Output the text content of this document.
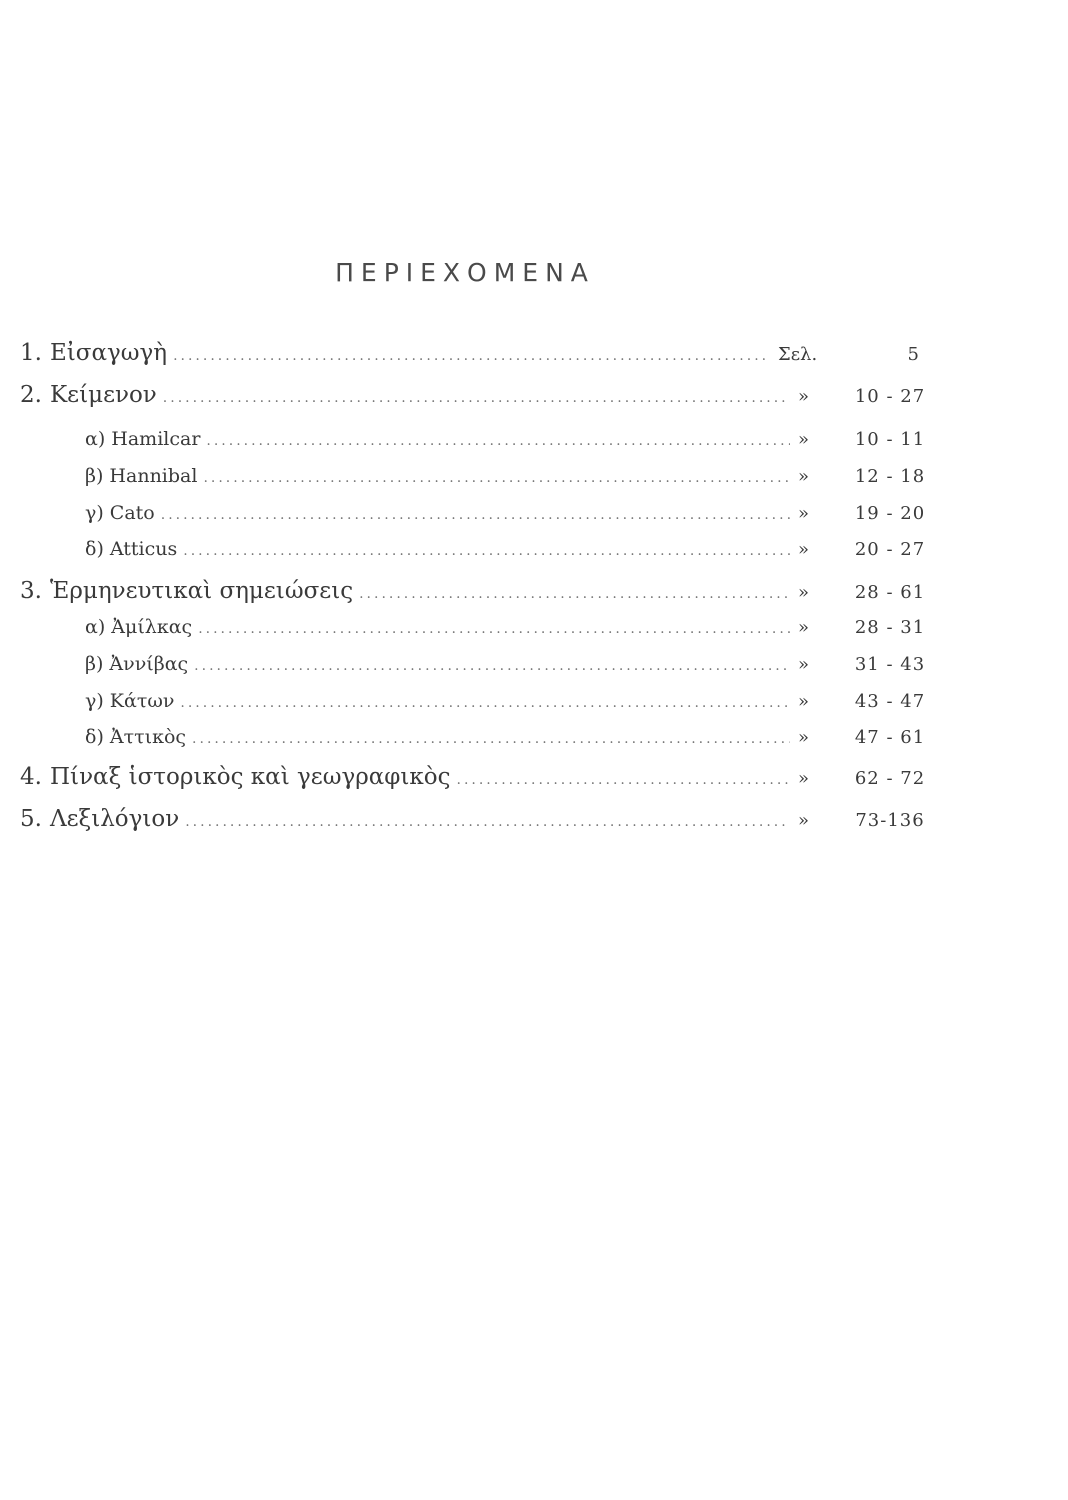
ΠΕΡΙΕΧΟΜΕΝΑ
1. Εἰσαγωγὴ .....	Σελ.	5
2. Κείμενον .....	»	10 - 27
α) Hamilcar .....	»	10 - 11
β) Hannibal .....	»	12 - 18
γ) Cato .....	»	19 - 20
δ) Atticus .....	»	20 - 27
3. Ἑρμηνευτικαὶ σημειώσεις .....	»	28 - 61
α) Ἀμίλκας .....	»	28 - 31
β) Ἀννίβας .....	»	31 - 43
γ) Κάτων .....	»	43 - 47
δ) Ἀττικὸς .....	»	47 - 61
4. Πίναξ ἱστορικὸς καὶ γεωγραφικὸς .....	»	62 - 72
5. Λεξιλόγιον .....	»	73-136
